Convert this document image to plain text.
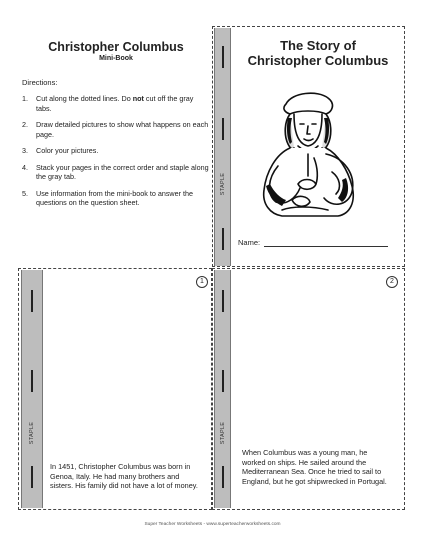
Christopher Columbus
Mini-Book
Directions:
1.	Cut along the dotted lines. Do not cut off the gray tabs.
2.	Draw detailed pictures to show what happens on each page.
3.	Color your pictures.
4.	Stack your pages in the correct order and staple along the gray tab.
5.	Use information from the mini-book to answer the questions on the question sheet.
STAPLE
The Story of
Christopher Columbus
Name:
STAPLE
1
In 1451, Christopher Columbus was born in Genoa, Italy. He had many brothers and sisters. His family did not have a lot of money.
STAPLE
2
When Columbus was a young man, he worked on ships. He sailed around the Mediterranean Sea. Once he tried to sail to England, but he got shipwrecked in Portugal.
Super Teacher Worksheets - www.superteacherworksheets.com
